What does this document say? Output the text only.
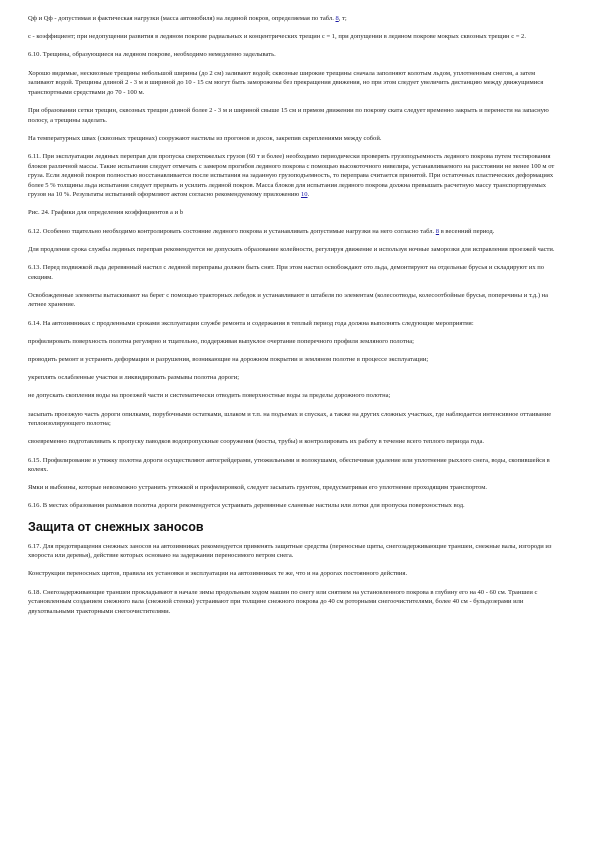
Qф и Qф - допустимая и фактическая нагрузки (масса автомобиля) на ледяной покров, определяемая по табл. 8, т;

с - коэффициент; при недопущении развития в ледяном покрове радиальных и концентрических трещин с = 1, при допущении в ледяном покрове мокрых сквозных трещин с = 2.

6.10. Трещины, образующиеся на ледяном покрове, необходимо немедленно заделывать.

Хорошо видимые, несквозные трещины небольшой ширины (до 2 см) заливают водой; сквозные широкие трещины сначала заполняют колотым льдом, уплотненным снегом, а затем заливают водой. Трещины длиной 2 - 3 м и шириной до 10 - 15 см могут быть заморожены без прекращения движения, но при этом следует увеличить дистанцию между движущимися транспортными средствами до 70 - 100 м.

При образовании сетки трещин, сквозных трещин длиной более 2 - 3 м и шириной свыше 15 см и прямом движении по покрову ската следует временно закрыть и перенести на запасную полосу, а трещины заделать.

На температурных швах (сквозных трещинах) сооружают настилы из прогонов и досок, закрепив скреплениями между собой.

6.11. При эксплуатации ледяных переправ для пропуска сверхтяжелых грузов (60 т и более) необходимо периодически проверять грузоподъемность ледяного покрова путем тестирования блоков различной массы. Такие испытания следует отмечать с замером прогибов ледяного покрова с помощью высокоточного нивелира, устанавливаемого на расстоянии не менее 100 м от груза. Если ледяной покров полностью восстанавливается после испытания на заданную грузоподъемность, то переправа считается принятой. При остаточных пластических деформациях более 5 % толщины льда испытания следует прервать и усилить ледяной покров. Масса блоков для испытания ледяного покрова должна превышать расчетную массу транспортируемых грузов на 10 %. Результаты испытаний оформляют актом согласно рекомендуемому приложению 10.

Рис. 24. Графики для определения коэффициентов а и b

6.12. Особенно тщательно необходимо контролировать состояние ледяного покрова и устанавливать допустимые нагрузки на него согласно табл. 8 в весенний период.

Для продления срока службы ледяных переправ рекомендуется не допускать образование колейности, регулируя движение и используя ночные заморозки для исправления проезжей части.

6.13. Перед подвижкой льда деревянный настил с ледяной переправы должен быть снят. При этом настил освобождают ото льда, демонтируют на отдельные брусья и складируют их по секциям.

Освобожденные элементы вытаскивают на берег с помощью тракторных лебедок и устанавливают в штабеля по элементам (колесоотводы, колесоотбойные брусья, поперечины и т.д.) на летнее хранение.

6.14. На автозимниках с продленными сроками эксплуатации службе ремонта и содержания в теплый период года должна выполнять следующие мероприятия:

профилировать поверхность полотна регулярно и тщательно, поддерживая выпуклое очертание поперечного профиля земляного полотна;

проводить ремонт и устранять деформации и разрушения, возникающие на дорожном покрытии и земляном полотне в процессе эксплуатации;

укреплять ослабленные участки и ликвидировать размывы полотна дороги;

не допускать скопления воды на проезжей части и систематически отводить поверхностные воды за пределы дорожного полотна;

засыпать проезжую часть дороги опилками, порубочными остатками, шлаком и т.п. на подъемах и спусках, а также на других сложных участках, где наблюдается интенсивное оттаивание теплоизолирующего полотна;

своевременно подготавливать к пропуску паводков водопропускные сооружения (мосты, трубы) и контролировать их работу в течение всего теплого периода года.

6.15. Профилирование и утяжку полотна дороги осуществляют автогрейдерами, утюжильными и волокушами, обеспечивая удаление или уплотнение рыхлого снега, воды, скопившейся в колеях.

Ямки и выбоины, которые невозможно устранить утюжкой и профилировкой, следует засыпать грунтом, предусматривая его уплотнение проходящим транспортом.

6.16. В местах образования размывов полотна дороги рекомендуется устраивать деревянные сланевые настилы или лотки для пропуска поверхностных вод.

Защита от снежных заносов

6.17. Для предотвращения снежных заносов на автозимниках рекомендуется применять защитные средства (переносные щиты, снегозадерживающие траншеи, снежные валы, изгороди из хвороста или деревья), действие которых основано на задержании переносимого ветром снега.

Конструкции переносных щитов, правила их установки и эксплуатации на автозимниках те же, что и на дорогах постоянного действия.

6.18. Снегозадерживающие траншеи прокладывают в начале зимы продольным ходом машин по снегу или снятием на установленного покрова в глубину его на 40 - 60 см. Траншеи с установленным созданием снежного вала (снежной стенки) устраивают при толщине снежного покрова до 40 см роторными снегоочистителями, более 40 см - бульдозерами или двухотвальными тракторными снегоочистителями.
